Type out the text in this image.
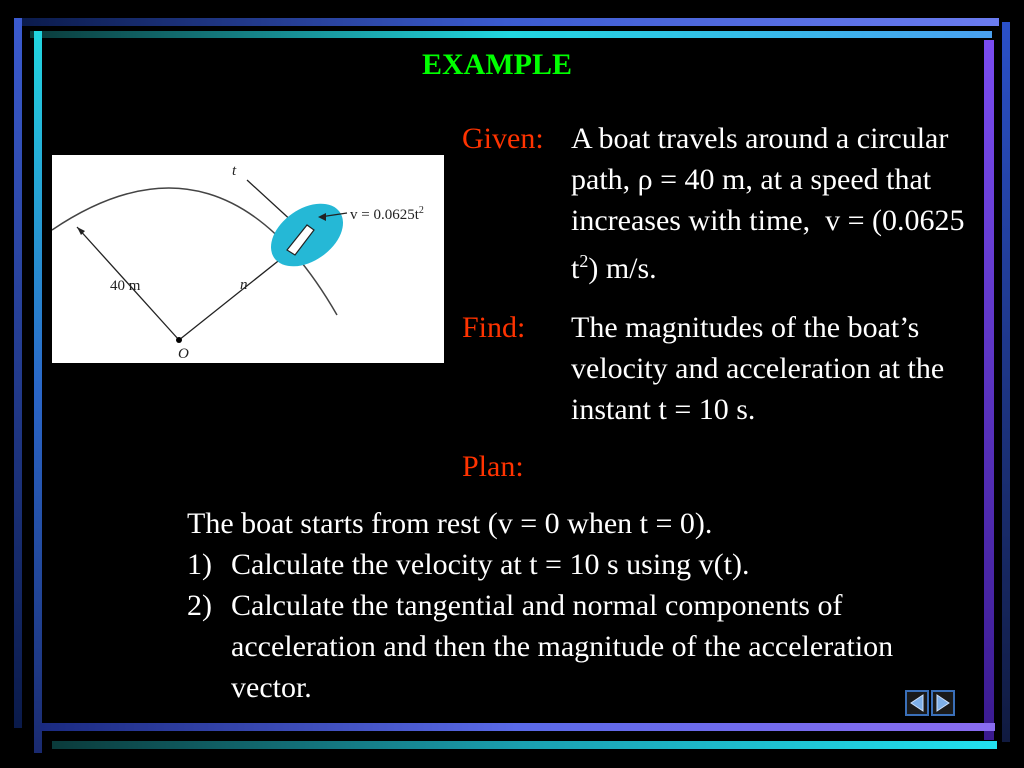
EXAMPLE
t
$v = 0.0625t^2$
40 m	n
O
Given: A boat travels around a circular path, ρ = 40 m, at a speed that increases with time, v = (0.0625 $t^2$) m/s.
Find: The magnitudes of the boat’s velocity and acceleration at the instant t = 10 s.
Plan:
The boat starts from rest (v = 0 when t = 0).
1) Calculate the velocity at t = 10 s using v(t).
2) Calculate the tangential and normal components of acceleration and then the magnitude of the acceleration vector.
